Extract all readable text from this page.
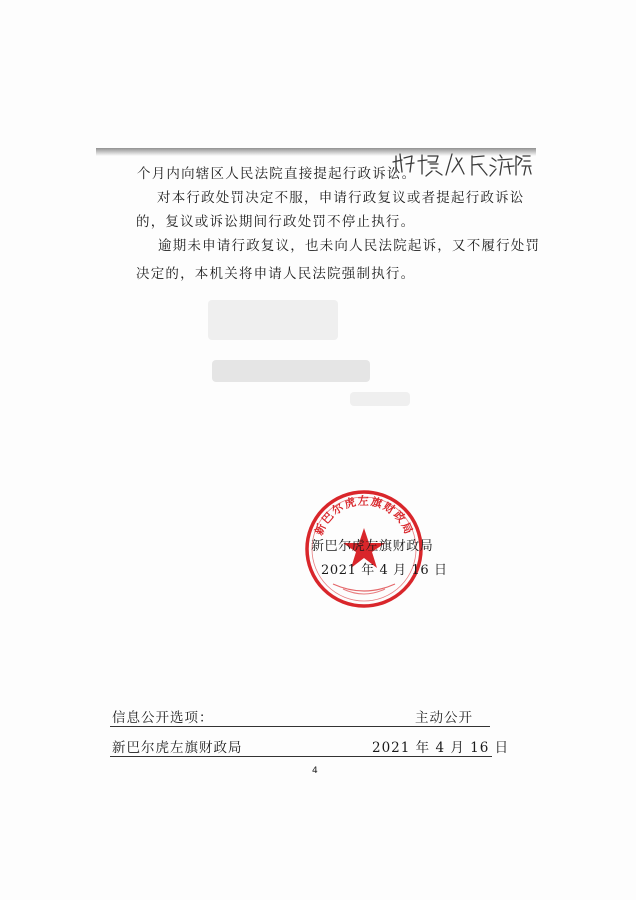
个月内向辖区人民法院直接提起行政诉讼。
对本行政处罚决定不服，申请行政复议或者提起行政诉讼
的，复议或诉讼期间行政处罚不停止执行。
逾期未申请行政复议，也未向人民法院起诉，又不履行处罚
决定的，本机关将申请人民法院强制执行。
新巴尔虎左旗财政局
新巴尔虎左旗财政局
2021 年 4 月 16 日
信息公开选项：	主动公开
新巴尔虎左旗财政局	2021 年 4 月 16 日
4
